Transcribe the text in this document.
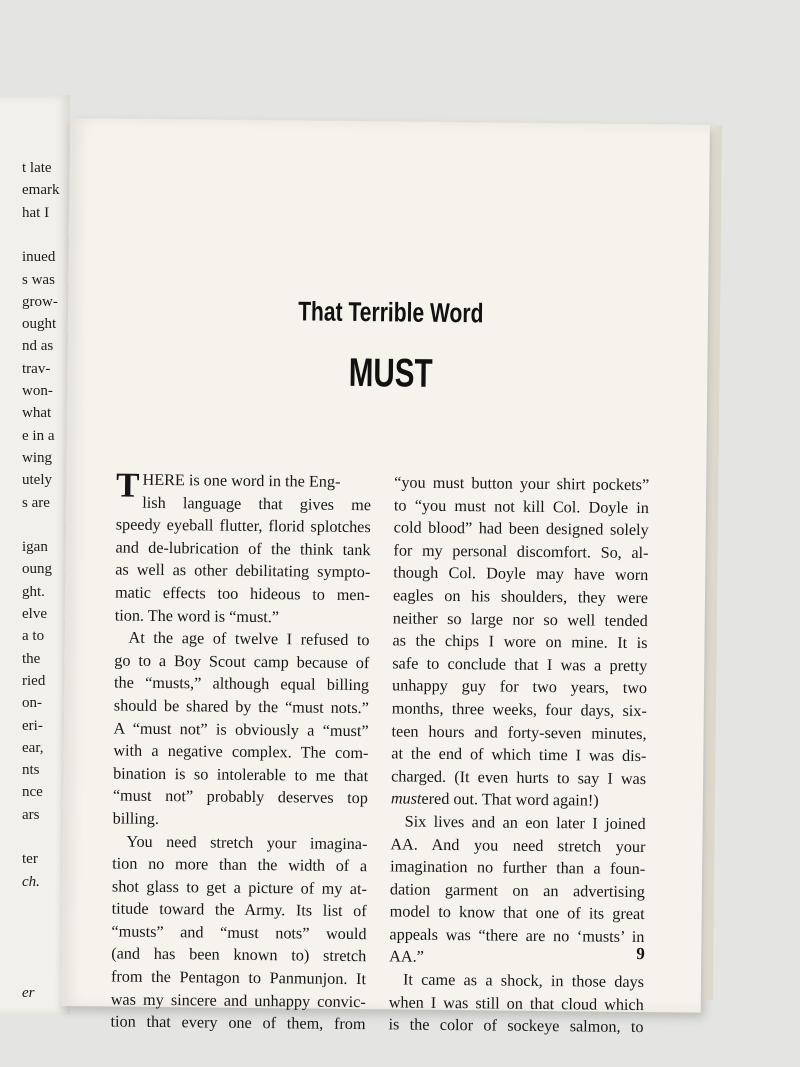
t late
emark
hat I
inued
s was
grow-
ought
nd as
trav-
won-
what
e in a
wing
utely
s are
igan
oung
ght.
elve
a to
the
ried
on-
eri-
ear,
nts
nce
ars
ter
ch.
er
That Terrible Word
MUST
T HERE is one word in the Eng-
lish language that gives me
speedy eyeball flutter, florid splotches
and de-lubrication of the think tank
as well as other debilitating sympto-
matic effects too hideous to men-
tion. The word is “must.”
At the age of twelve I refused to
go to a Boy Scout camp because of
the “musts,” although equal billing
should be shared by the “must nots.”
A “must not” is obviously a “must”
with a negative complex. The com-
bination is so intolerable to me that
“must not” probably deserves top
billing.
You need stretch your imagina-
tion no more than the width of a
shot glass to get a picture of my at-
titude toward the Army. Its list of
“musts” and “must nots” would
(and has been known to) stretch
from the Pentagon to Panmunjon. It
was my sincere and unhappy convic-
tion that every one of them, from
“you must button your shirt pockets”
to “you must not kill Col. Doyle in
cold blood” had been designed solely
for my personal discomfort. So, al-
though Col. Doyle may have worn
eagles on his shoulders, they were
neither so large nor so well tended
as the chips I wore on mine. It is
safe to conclude that I was a pretty
unhappy guy for two years, two
months, three weeks, four days, six-
teen hours and forty-seven minutes,
at the end of which time I was dis-
charged. (It even hurts to say I was
mustered out. That word again!)
Six lives and an eon later I joined
AA. And you need stretch your
imagination no further than a foun-
dation garment on an advertising
model to know that one of its great
appeals was “there are no ‘musts’ in
AA.”
It came as a shock, in those days
when I was still on that cloud which
is the color of sockeye salmon, to
9
